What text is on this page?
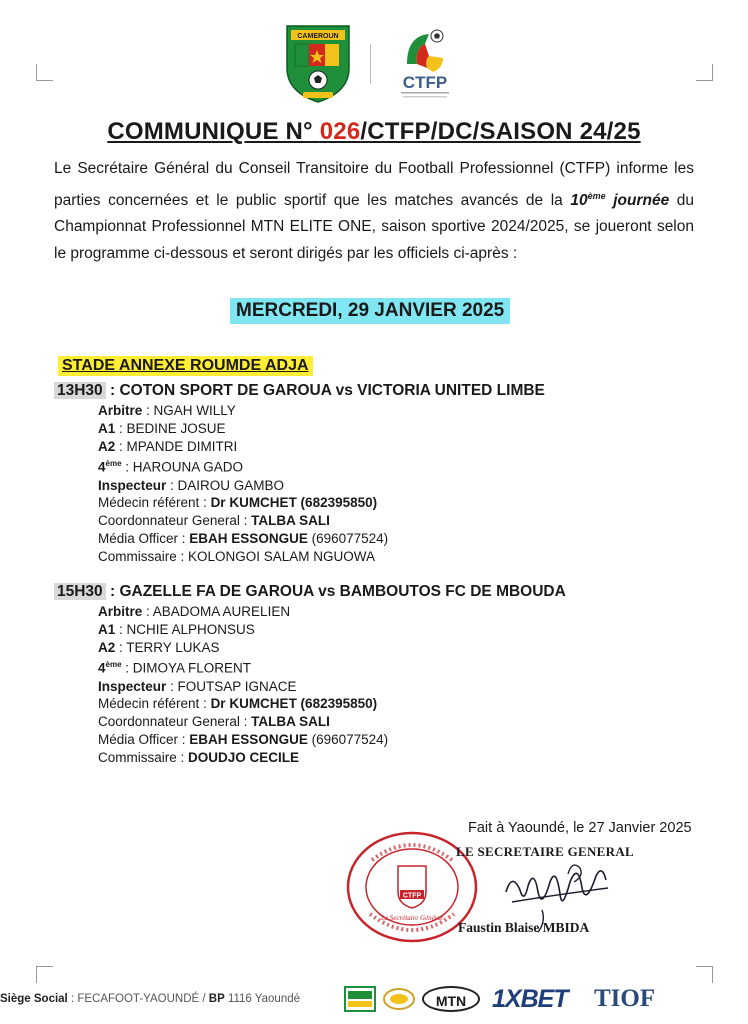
CAMEROUN
CTFP
COMMUNIQUE N° 026/CTFP/DC/SAISON 24/25
Le Secrétaire Général du Conseil Transitoire du Football Professionnel (CTFP) informe les parties concernées et le public sportif que les matches avancés de la 10ème journée du Championnat Professionnel MTN ELITE ONE, saison sportive 2024/2025, se joueront selon le programme ci-dessous et seront dirigés par les officiels ci-après :
MERCREDI, 29 JANVIER 2025
STADE ANNEXE ROUMDE ADJA
13H30 : COTON SPORT DE GAROUA vs VICTORIA UNITED LIMBE
Arbitre : NGAH WILLY
A1 : BEDINE JOSUE
A2 : MPANDE DIMITRI
4ème : HAROUNA GADO
Inspecteur : DAIROU GAMBO
Médecin référent : Dr KUMCHET (682395850)
Coordonnateur General : TALBA SALI
Média Officer : EBAH ESSONGUE (696077524)
Commissaire : KOLONGOI SALAM NGUOWA
15H30 : GAZELLE FA DE GAROUA vs BAMBOUTOS FC DE MBOUDA
Arbitre : ABADOMA AURELIEN
A1 : NCHIE ALPHONSUS
A2 : TERRY LUKAS
4ème : DIMOYA FLORENT
Inspecteur : FOUTSAP IGNACE
Médecin référent : Dr KUMCHET (682395850)
Coordonnateur General : TALBA SALI
Média Officer : EBAH ESSONGUE (696077524)
Commissaire : DOUDJO CECILE
Fait à Yaoundé, le 27 Janvier 2025
CTFP
Le Secrétaire Général
LE SECRETAIRE GENERAL
Faustin Blaise MBIDA
Siège Social : FECAFOOT-YAOUNDÉ / BP 1116 Yaoundé	MTN	1XBET TIOF
